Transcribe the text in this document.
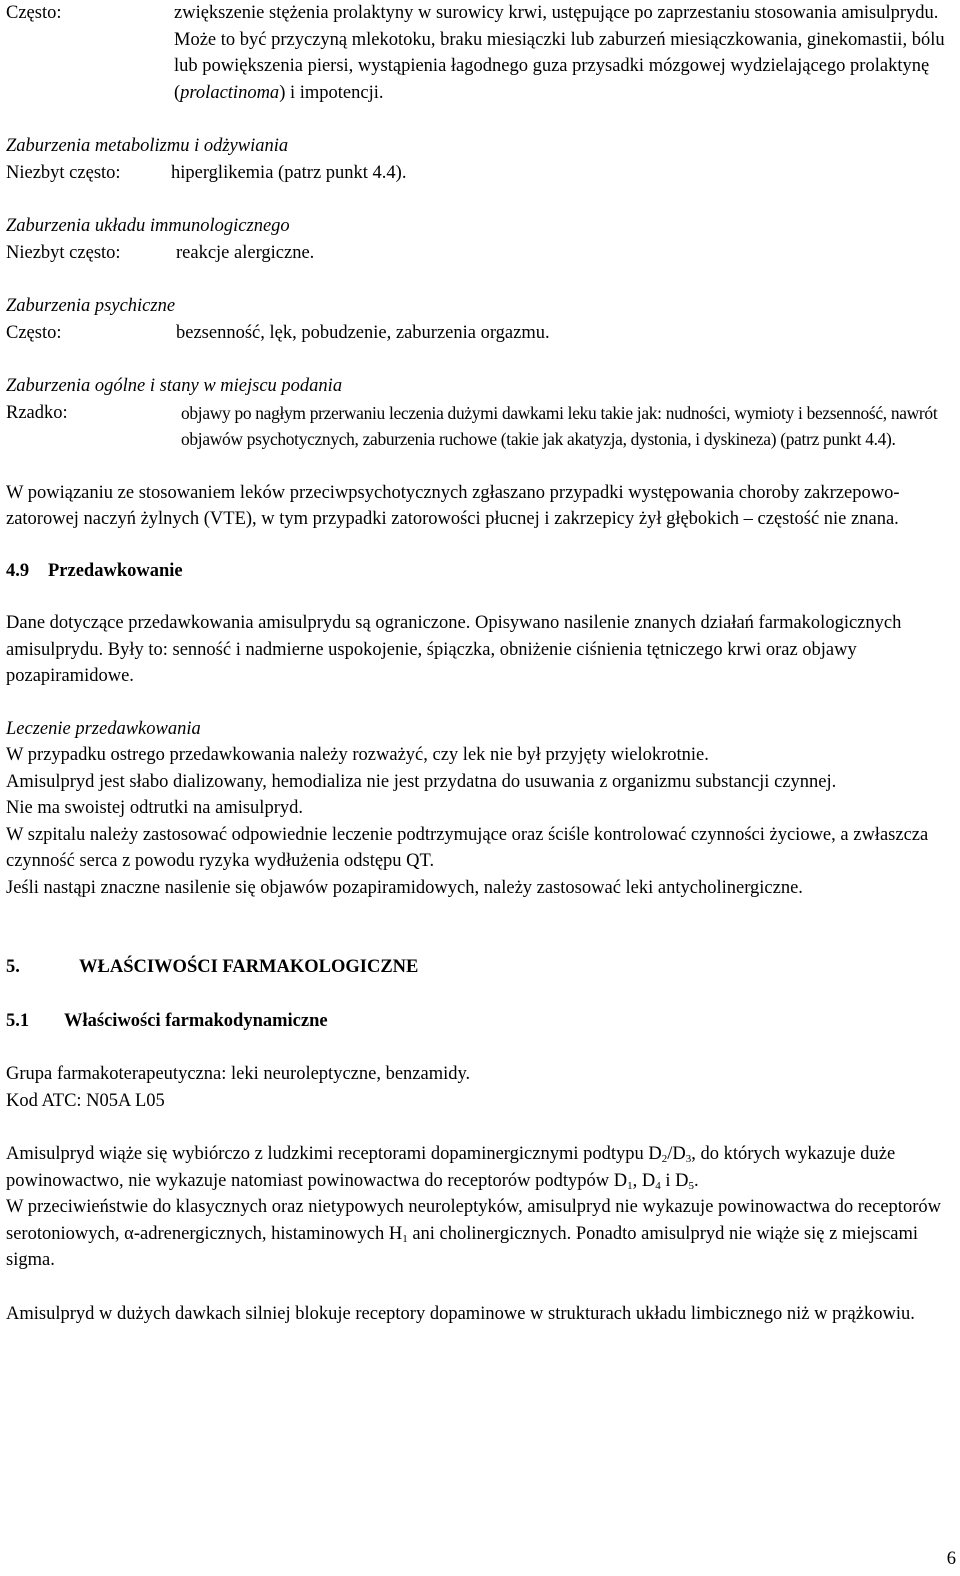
Często:	zwiększenie stężenia prolaktyny w surowicy krwi, ustępujące po zaprzestaniu stosowania amisulprydu. Może to być przyczyną mlekotoku, braku miesiączki lub zaburzeń miesiączkowania, ginekomastii, bólu lub powiększenia piersi, wystąpienia łagodnego guza przysadki mózgowej wydzielającego prolaktynę (prolactinoma) i impotencji.

Zaburzenia metabolizmu i odżywiania

Niezbyt często:	hiperglikemia (patrz punkt 4.4).

Zaburzenia układu immunologicznego

Niezbyt często:	reakcje alergiczne.

Zaburzenia psychiczne

Często:	bezsenność, lęk, pobudzenie, zaburzenia orgazmu.

Zaburzenia ogólne i stany w miejscu podania

Rzadko:	objawy po nagłym przerwaniu leczenia dużymi dawkami leku takie jak: nudności, wymioty i bezsenność, nawrót objawów psychotycznych, zaburzenia ruchowe (takie jak akatyzja, dystonia, i dyskineza) (patrz punkt 4.4).

W powiązaniu ze stosowaniem leków przeciwpsychotycznych zgłaszano przypadki występowania choroby zakrzepowo-zatorowej naczyń żylnych (VTE), w tym przypadki zatorowości płucnej i zakrzepicy żył głębokich – częstość nie znana.

4.9	Przedawkowanie

Dane dotyczące przedawkowania amisulprydu są ograniczone. Opisywano nasilenie znanych działań farmakologicznych amisulprydu. Były to: senność i nadmierne uspokojenie, śpiączka, obniżenie ciśnienia tętniczego krwi oraz objawy pozapiramidowe.

Leczenie przedawkowania

W przypadku ostrego przedawkowania należy rozważyć, czy lek nie był przyjęty wielokrotnie.

Amisulpryd jest słabo dializowany, hemodializa nie jest przydatna do usuwania z organizmu substancji czynnej.

Nie ma swoistej odtrutki na amisulpryd.

W szpitalu należy zastosować odpowiednie leczenie podtrzymujące oraz ściśle kontrolować czynności życiowe, a zwłaszcza czynność serca z powodu ryzyka wydłużenia odstępu QT.

Jeśli nastąpi znaczne nasilenie się objawów pozapiramidowych, należy zastosować leki antycholinergiczne.

5.	WŁAŚCIWOŚCI FARMAKOLOGICZNE
5.1	Właściwości farmakodynamiczne

Grupa farmakoterapeutyczna: leki neuroleptyczne, benzamidy.

Kod ATC: N05A L05

Amisulpryd wiąże się wybiórczo z ludzkimi receptorami dopaminergicznymi podtypu $D_2/D_3$, do których wykazuje duże powinowactwo, nie wykazuje natomiast powinowactwa do receptorów podtypów $D_1$, $D_4$ i $D_5$.

W przeciwieństwie do klasycznych oraz nietypowych neuroleptyków, amisulpryd nie wykazuje powinowactwa do receptorów serotoniowych, α-adrenergicznych, histaminowych $H_1$ ani cholinergicznych. Ponadto amisulpryd nie wiąże się z miejscami sigma.

Amisulpryd w dużych dawkach silniej blokuje receptory dopaminowe w strukturach układu limbicznego niż w prążkowiu.

6
